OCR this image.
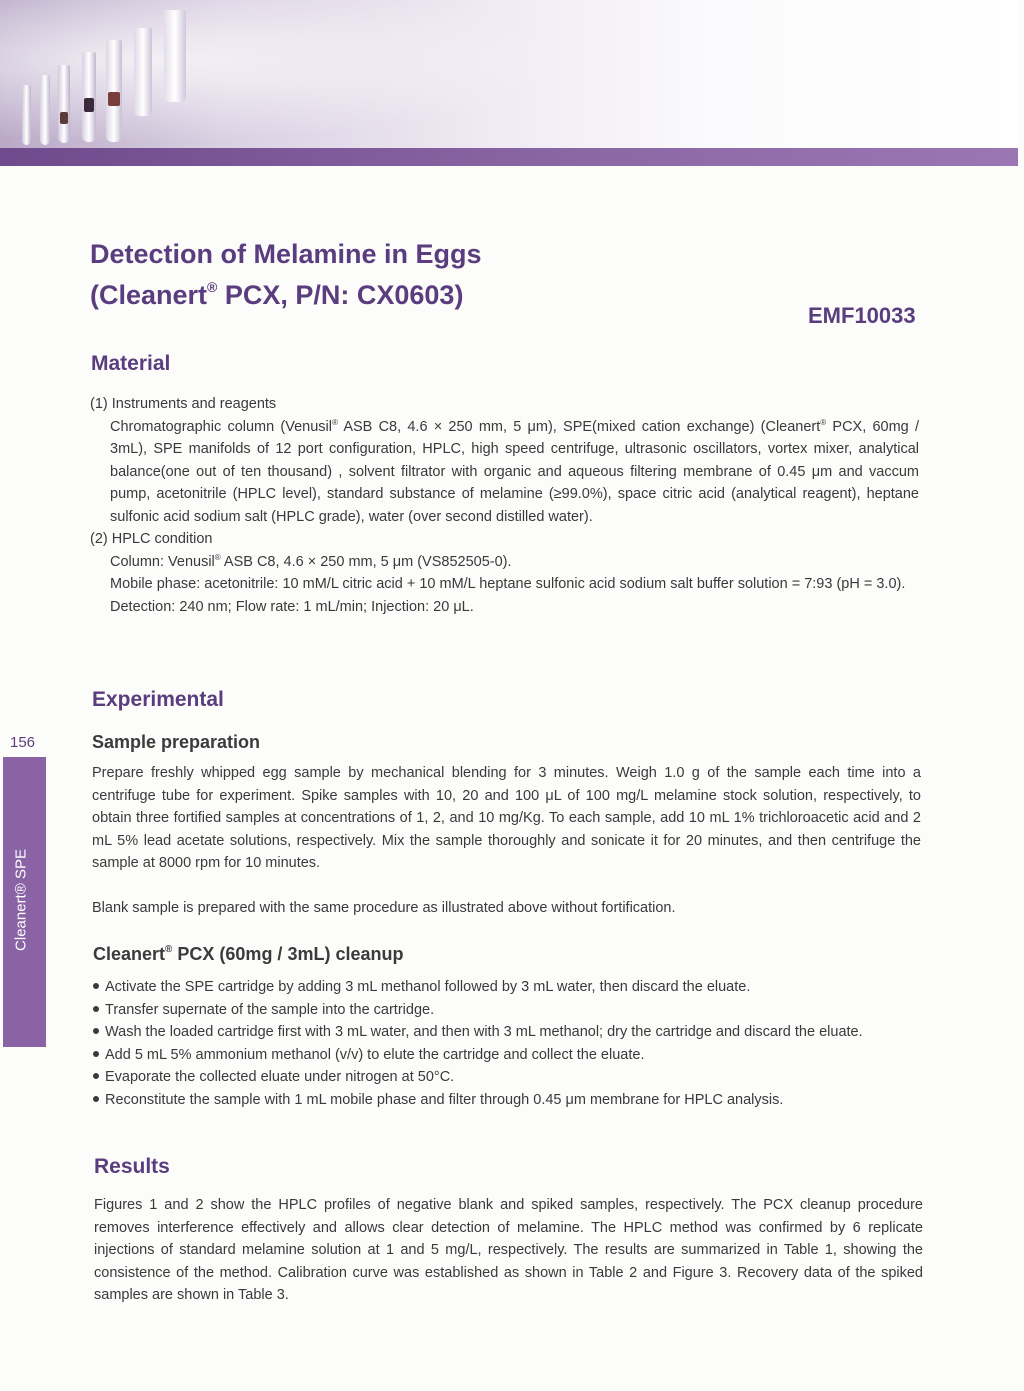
156
Cleanert® SPE
Detection of Melamine in Eggs
(Cleanert® PCX, P/N: CX0603)
EMF10033
Material

(1) Instruments and reagents

Chromatographic column (Venusil® ASB C8, 4.6 × 250 mm, 5 μm), SPE(mixed cation exchange) (Cleanert® PCX, 60mg / 3mL), SPE manifolds of 12 port configuration, HPLC, high speed centrifuge, ultrasonic oscillators, vortex mixer, analytical balance(one out of ten thousand) , solvent filtrator with organic and aqueous filtering membrane of 0.45 μm and vaccum pump, acetonitrile (HPLC level), standard substance of melamine (≥99.0%), space citric acid (analytical reagent), heptane sulfonic acid sodium salt (HPLC grade), water (over second distilled water).

(2) HPLC condition

Column: Venusil® ASB C8, 4.6 × 250 mm, 5 μm (VS852505-0).

Mobile phase: acetonitrile: 10 mM/L citric acid + 10 mM/L heptane sulfonic acid sodium salt buffer solution = 7:93 (pH = 3.0).

Detection: 240 nm; Flow rate: 1 mL/min; Injection: 20 μL.

Experimental
Sample preparation

Prepare freshly whipped egg sample by mechanical blending for 3 minutes. Weigh 1.0 g of the sample each time into a centrifuge tube for experiment. Spike samples with 10, 20 and 100 μL of 100 mg/L melamine stock solution, respectively, to obtain three fortified samples at concentrations of 1, 2, and 10 mg/Kg. To each sample, add 10 mL 1% trichloroacetic acid and 2 mL 5% lead acetate solutions, respectively. Mix the sample thoroughly and sonicate it for 20 minutes, and then centrifuge the sample at 8000 rpm for 10 minutes.

Blank sample is prepared with the same procedure as illustrated above without fortification.

Cleanert® PCX (60mg / 3mL) cleanup
Activate the SPE cartridge by adding 3 mL methanol followed by 3 mL water, then discard the eluate.
Transfer supernate of the sample into the cartridge.
Wash the loaded cartridge first with 3 mL water, and then with 3 mL methanol; dry the cartridge and discard the eluate.
Add 5 mL 5% ammonium methanol (v/v) to elute the cartridge and collect the eluate.
Evaporate the collected eluate under nitrogen at 50°C.
Reconstitute the sample with 1 mL mobile phase and filter through 0.45 μm membrane for HPLC analysis.
Results

Figures 1 and 2 show the HPLC profiles of negative blank and spiked samples, respectively. The PCX cleanup procedure removes interference effectively and allows clear detection of melamine. The HPLC method was confirmed by 6 replicate injections of standard melamine solution at 1 and 5 mg/L, respectively. The results are summarized in Table 1, showing the consistence of the method. Calibration curve was established as shown in Table 2 and Figure 3. Recovery data of the spiked samples are shown in Table 3.
